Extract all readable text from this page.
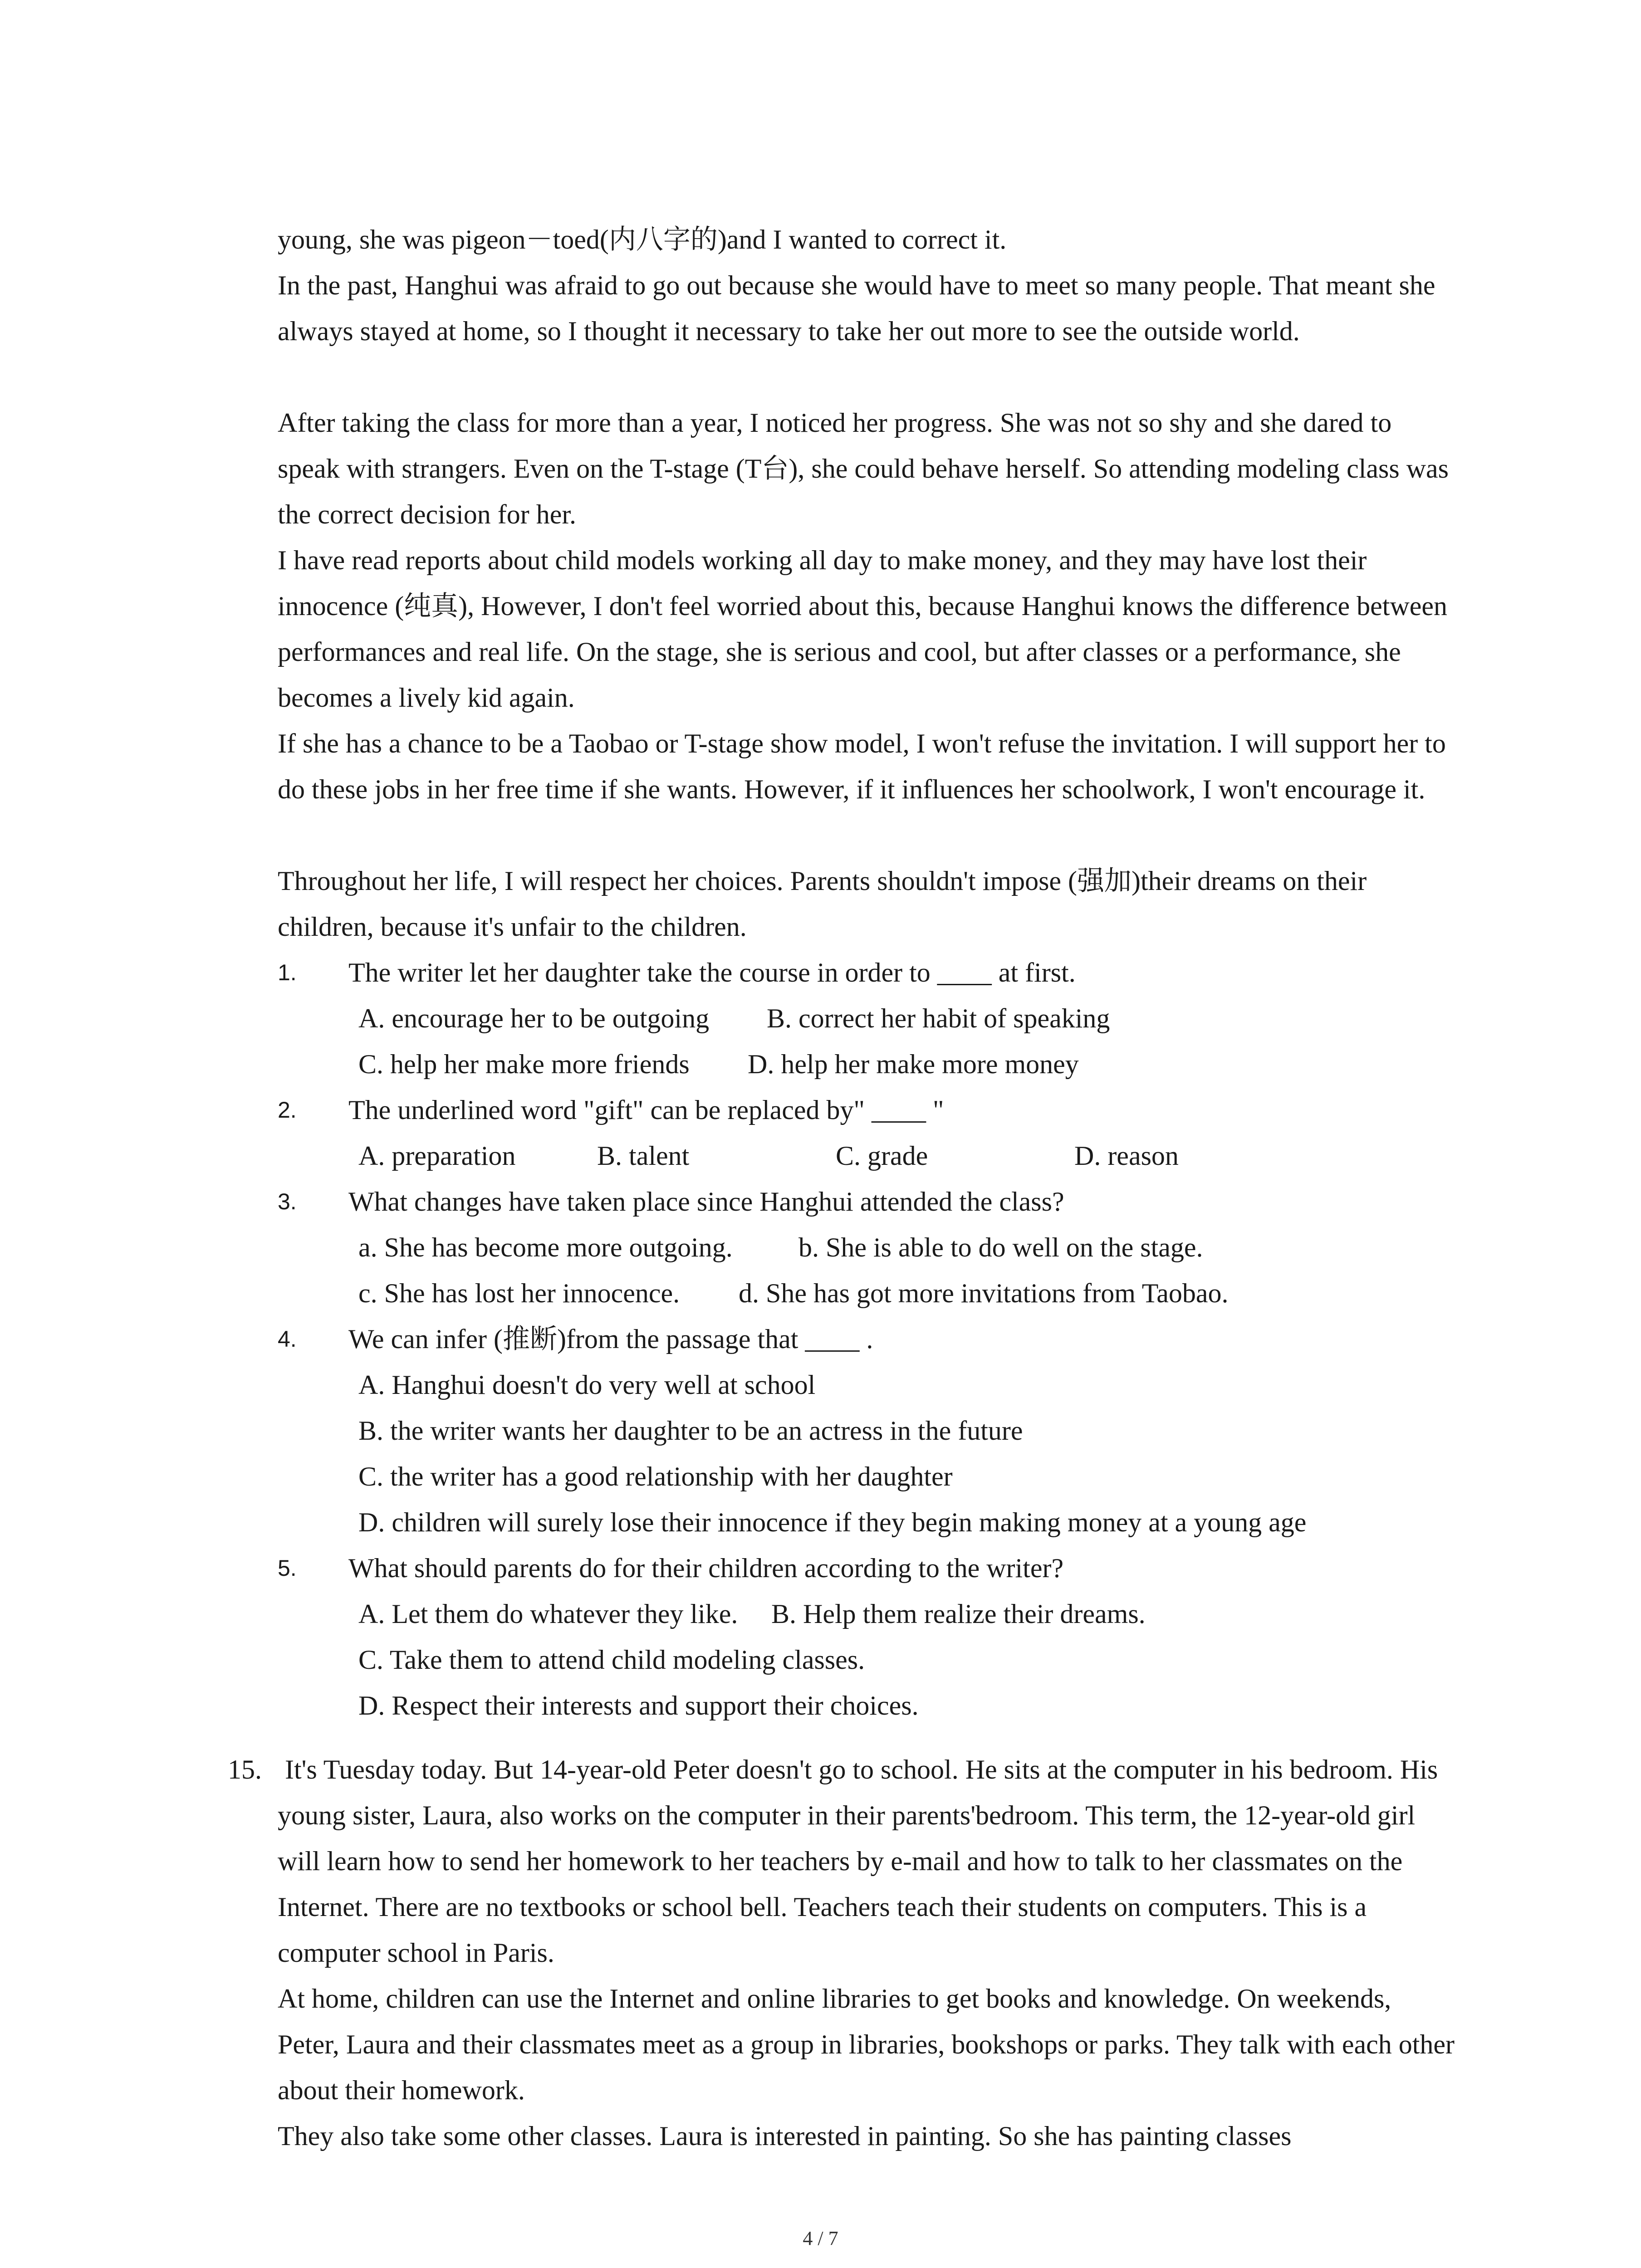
young, she was pigeon－toed(内八字的)and I wanted to correct it.

In the past, Hanghui was afraid to go out because she would have to meet so many people. That meant she always stayed at home, so I thought it necessary to take her out more to see the outside world.

After taking the class for more than a year, I noticed her progress. She was not so shy and she dared to speak with strangers. Even on the T-stage (T台), she could behave herself. So attending modeling class was the correct decision for her.

I have read reports about child models working all day to make money, and they may have lost their innocence (纯真), However, I don't feel worried about this, because Hanghui knows the difference between performances and real life. On the stage, she is serious and cool, but after classes or a performance, she becomes a lively kid again.

If she has a chance to be a Taobao or T-stage show model, I won't refuse the invitation. I will support her to do these jobs in her free time if she wants. However, if it influences her schoolwork, I won't encourage it.

Throughout her life, I will respect her choices. Parents shouldn't impose (强加)their dreams on their children, because it's unfair to the children.

1. The writer let her daughter take the course in order to ____ at first.
A. encourage her to be outgoing B. correct her habit of speaking
C. help her make more friends D. help her make more money
2. The underlined word "gift" can be replaced by" ____ "
A. preparation	B. talent	C. grade	D. reason
3. What changes have taken place since Hanghui attended the class?
a. She has become more outgoing. b. She is able to do well on the stage.
c. She has lost her innocence. d. She has got more invitations from Taobao.
4. We can infer (推断)from the passage that ____ .
A. Hanghui doesn't do very well at school
B. the writer wants her daughter to be an actress in the future
C. the writer has a good relationship with her daughter
D. children will surely lose their innocence if they begin making money at a young age
5. What should parents do for their children according to the writer?
A. Let them do whatever they like. B. Help them realize their dreams.
C. Take them to attend child modeling classes.
D. Respect their interests and support their choices.
15. It's Tuesday today. But 14-year-old Peter doesn't go to school. He sits at the computer in his bedroom. His young sister, Laura, also works on the computer in their parents'bedroom. This term, the 12-year-old girl will learn how to send her homework to her teachers by e-mail and how to talk to her classmates on the Internet. There are no textbooks or school bell. Teachers teach their students on computers. This is a computer school in Paris.

At home, children can use the Internet and online libraries to get books and knowledge. On weekends, Peter, Laura and their classmates meet as a group in libraries, bookshops or parks. They talk with each other about their homework.

They also take some other classes. Laura is interested in painting. So she has painting classes

4 / 7
